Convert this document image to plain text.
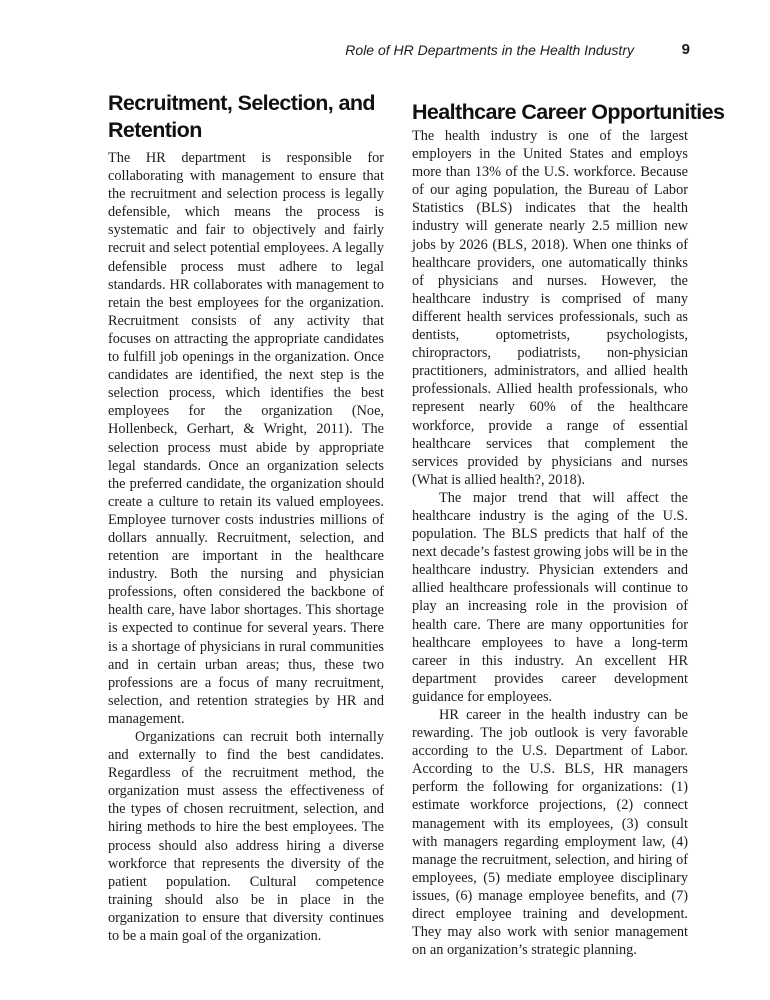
Role of HR Departments in the Health Industry	9
Recruitment, Selection, and Retention

The HR department is responsible for collaborating with management to ensure that the recruitment and selection process is legally defensible, which means the process is systematic and fair to objectively and fairly recruit and select potential employees. A legally defensible process must adhere to legal standards. HR collaborates with management to retain the best employees for the organization. Recruitment consists of any activity that focuses on attracting the appropriate candidates to fulfill job openings in the organization. Once candidates are identified, the next step is the selection process, which identifies the best employees for the organization (Noe, Hollenbeck, Gerhart, & Wright, 2011). The selection process must abide by appropriate legal standards. Once an organization selects the preferred candidate, the organization should create a culture to retain its valued employees. Employee turnover costs industries millions of dollars annually. Recruitment, selection, and retention are important in the healthcare industry. Both the nursing and physician professions, often considered the backbone of health care, have labor shortages. This shortage is expected to continue for several years. There is a shortage of physicians in rural communities and in certain urban areas; thus, these two professions are a focus of many recruitment, selection, and retention strategies by HR and management.

Organizations can recruit both internally and externally to find the best candidates. Regardless of the recruitment method, the organization must assess the effectiveness of the types of chosen recruitment, selection, and hiring methods to hire the best employees. The process should also address hiring a diverse workforce that represents the diversity of the patient population. Cultural competence training should also be in place in the organization to ensure that diversity continues to be a main goal of the organization.

Healthcare Career Opportunities

The health industry is one of the largest employers in the United States and employs more than 13% of the U.S. workforce. Because of our aging population, the Bureau of Labor Statistics (BLS) indicates that the health industry will generate nearly 2.5 million new jobs by 2026 (BLS, 2018). When one thinks of healthcare providers, one automatically thinks of physicians and nurses. However, the healthcare industry is comprised of many different health services professionals, such as dentists, optometrists, psychologists, chiropractors, podiatrists, non-physician practitioners, administrators, and allied health professionals. Allied health professionals, who represent nearly 60% of the healthcare workforce, provide a range of essential healthcare services that complement the services provided by physicians and nurses (What is allied health?, 2018).

The major trend that will affect the healthcare industry is the aging of the U.S. population. The BLS predicts that half of the next decade’s fastest growing jobs will be in the healthcare industry. Physician extenders and allied healthcare professionals will continue to play an increasing role in the provision of health care. There are many opportunities for healthcare employees to have a long-term career in this industry. An excellent HR department provides career development guidance for employees.

HR career in the health industry can be rewarding. The job outlook is very favorable according to the U.S. Department of Labor. According to the U.S. BLS, HR managers perform the following for organizations: (1) estimate workforce projections, (2) connect management with its employees, (3) consult with managers regarding employment law, (4) manage the recruitment, selection, and hiring of employees, (5) mediate employee disciplinary issues, (6) manage employee benefits, and (7) direct employee training and development. They may also work with senior management on an organization’s strategic planning.
